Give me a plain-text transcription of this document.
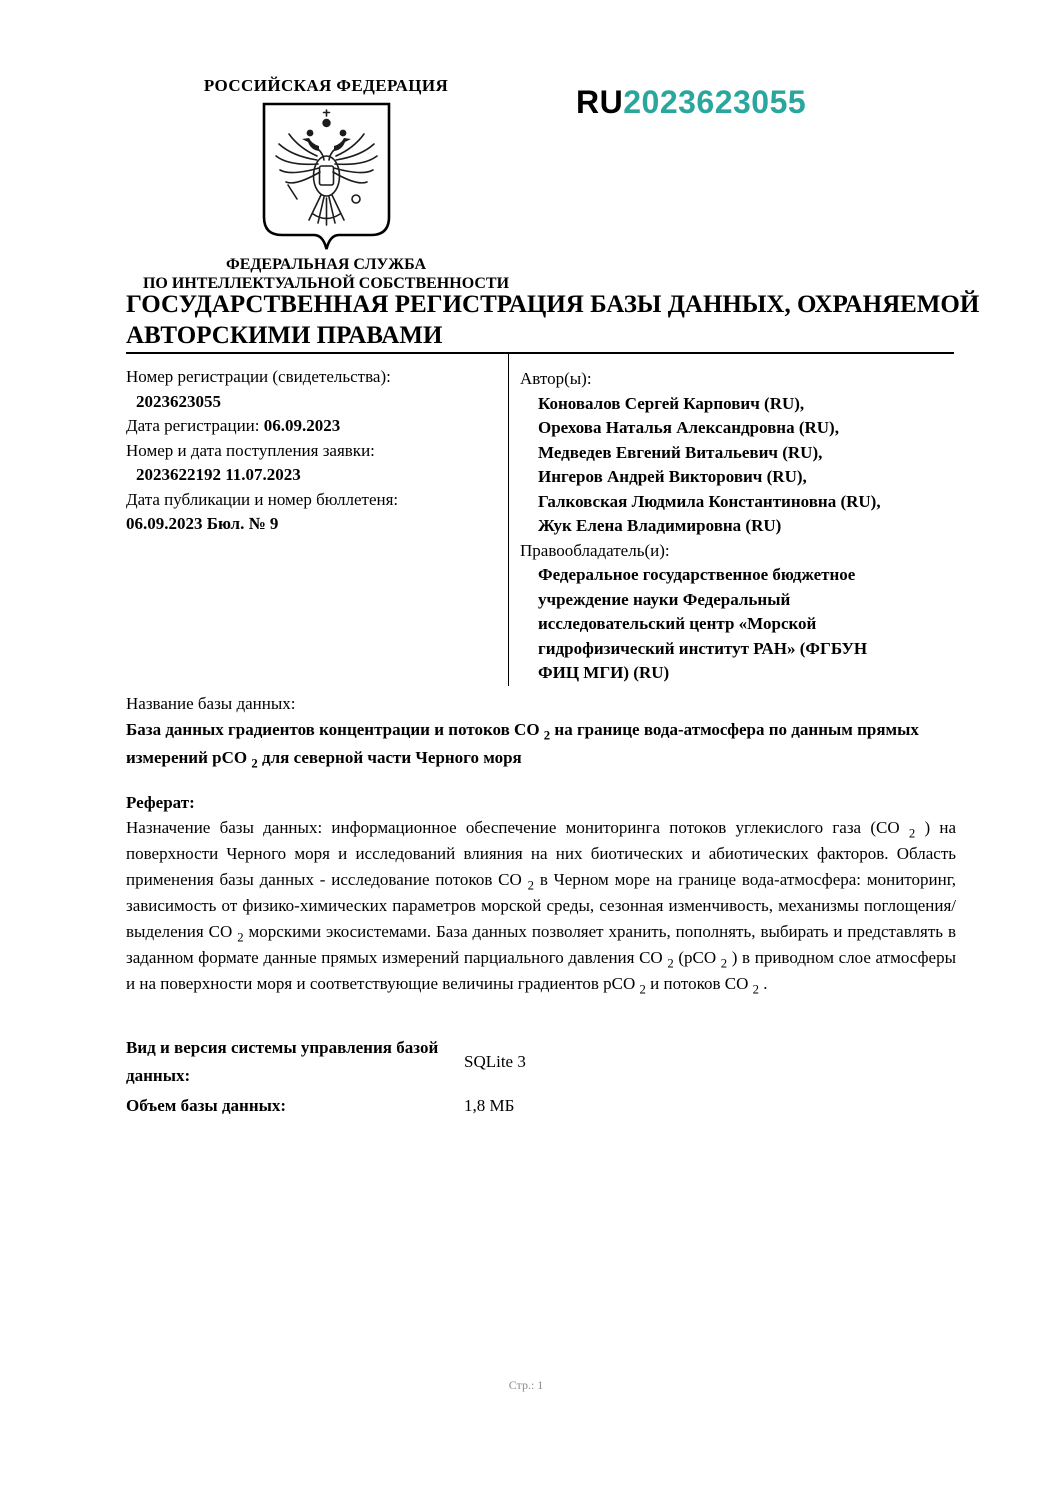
РОССИЙСКАЯ ФЕДЕРАЦИЯ
ФЕДЕРАЛЬНАЯ СЛУЖБА
ПО ИНТЕЛЛЕКТУАЛЬНОЙ СОБСТВЕННОСТИ
RU2023623055
ГОСУДАРСТВЕННАЯ РЕГИСТРАЦИЯ БАЗЫ ДАННЫХ, ОХРАНЯЕМОЙ
АВТОРСКИМИ ПРАВАМИ
Номер регистрации (свидетельства):
2023623055
Дата регистрации: 06.09.2023
Номер и дата поступления заявки:
2023622192 11.07.2023
Дата публикации и номер бюллетеня:
06.09.2023 Бюл. № 9
Автор(ы):
Коновалов Сергей Карпович (RU),
Орехова Наталья Александровна (RU),
Медведев Евгений Витальевич (RU),
Ингеров Андрей Викторович (RU),
Галковская Людмила Константиновна (RU),
Жук Елена Владимировна (RU)
Правообладатель(и):
Федеральное государственное бюджетное учреждение науки Федеральный исследовательский центр «Морской гидрофизический институт РАН» (ФГБУН ФИЦ МГИ) (RU)
Название базы данных:
База данных градиентов концентрации и потоков CO $_2$ на границе вода-атмосфера по данным прямых измерений pCO $_2$ для северной части Черного моря
Реферат:
Назначение базы данных: информационное обеспечение мониторинга потоков углекислого газа (CO $_2$ ) на поверхности Черного моря и исследований влияния на них биотических и абиотических факторов. Область применения базы данных - исследование потоков CO $_2$ в Черном море на границе вода-атмосфера: мониторинг, зависимость от физико-химических параметров морской среды, сезонная изменчивость, механизмы поглощения/выделения CO $_2$ морскими экосистемами. База данных позволяет хранить, пополнять, выбирать и представлять в заданном формате данные прямых измерений парциального давления CO $_2$ (pCO $_2$ ) в приводном слое атмосферы и на поверхности моря и соответствующие величины градиентов pCO $_2$ и потоков CO $_2$ .
Вид и версия системы управления базой данных:
SQLite 3
Объем базы данных:	1,8 МБ
Стр.: 1
